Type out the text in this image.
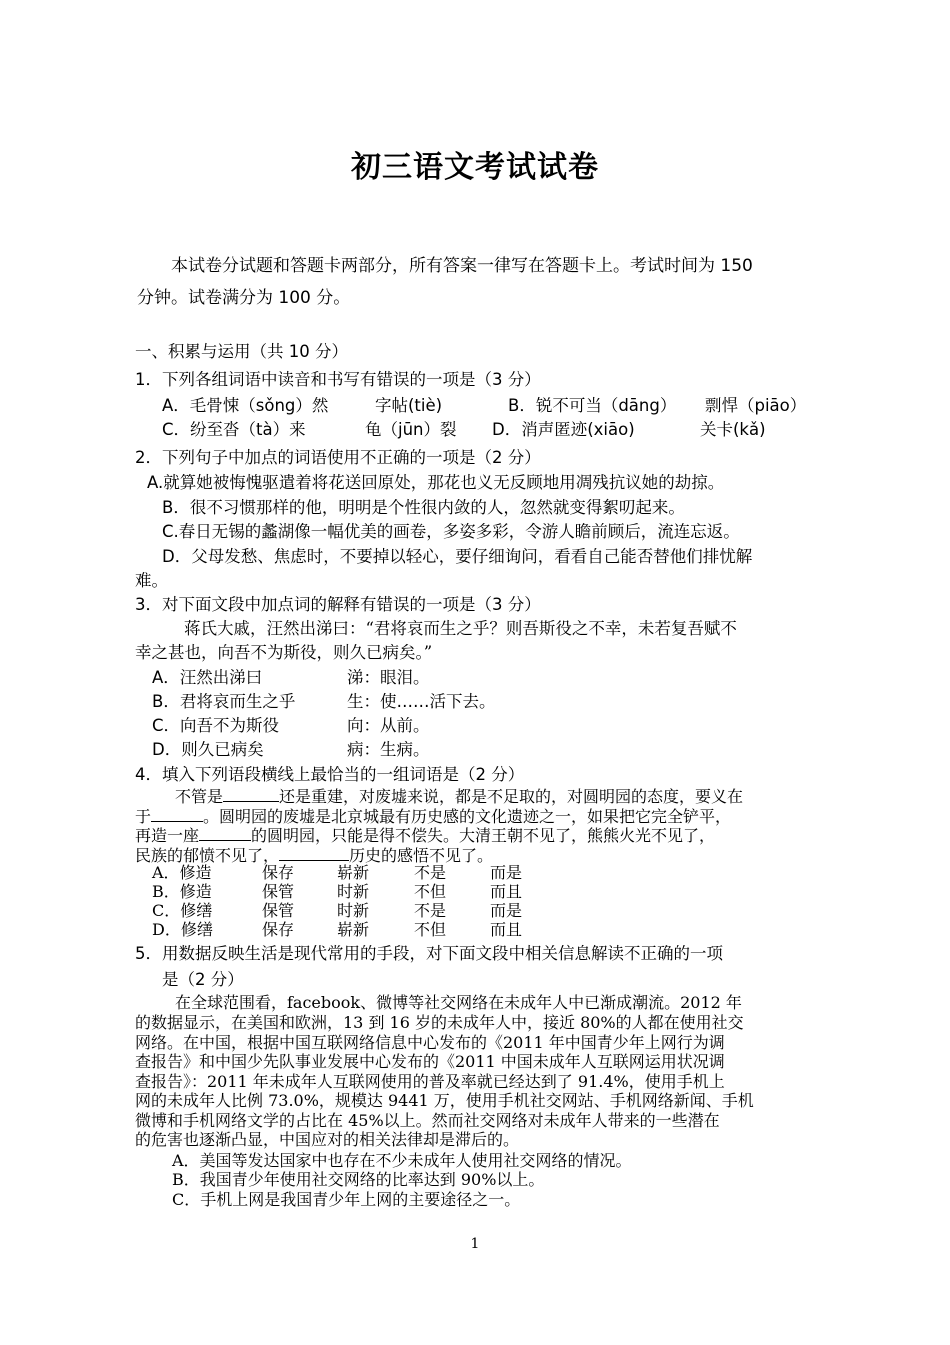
初三语文考试试卷
本试卷分试题和答题卡两部分，所有答案一律写在答题卡上。考试时间为 150
分钟。试卷满分为 100 分。
一、积累与运用（共 10 分）
1．下列各组词语中读音和书写有错误的一项是（3 分）
A．毛骨悚（sǒng）然	字帖(tiè)	B．锐不可当（dāng） 剽悍（piāo）
C．纷至沓（tà）来	龟（jūn）裂 D．消声匿迹(xiāo)	关卡(kǎ)
2．下列句子中加点的词语使用不正确的一项是（2 分）
A.就算她被悔愧驱遣着将花送回原处，那花也义无反顾地用凋残抗议她的劫掠。
B．很不习惯那样的他，明明是个性很内敛的人，忽然就变得絮叨起来。
C.春日无锡的蠡湖像一幅优美的画卷，多姿多彩，令游人瞻前顾后，流连忘返。
D．父母发愁、焦虑时，不要掉以轻心，要仔细询问，看看自己能否替他们排忧解
难。
3．对下面文段中加点词的解释有错误的一项是（3 分）
蒋氏大戚，汪然出涕曰：“君将哀而生之乎？则吾斯役之不幸，未若复吾赋不
幸之甚也，向吾不为斯役，则久已病矣。”
A．汪然出涕曰	涕：眼泪。
B．君将哀而生之乎	生：使……活下去。
C．向吾不为斯役	向：从前。
D．则久已病矣	病：生病。
4．填入下列语段横线上最恰当的一组词语是（2 分）
不管是	还是重建，对废墟来说，都是不足取的，对圆明园的态度，要义在
于	。圆明园的废墟是北京城最有历史感的文化遗迹之一，如果把它完全铲平，
再造一座	的圆明园，只能是得不偿失。大清王朝不见了，熊熊火光不见了，
民族的郁愤不见了，	历史的感悟不见了。
A．修造	保存	崭新	不是	而是
B．修造	保管	时新	不但	而且
C．修缮	保管	时新	不是	而是
D．修缮	保存	崭新	不但	而且
5．用数据反映生活是现代常用的手段，对下面文段中相关信息解读不正确的一项
是（2 分）
在全球范围看，facebook、微博等社交网络在未成年人中已渐成潮流。2012 年
的数据显示，在美国和欧洲，13 到 16 岁的未成年人中，接近 80%的人都在使用社交
网络。在中国，根据中国互联网络信息中心发布的《2011 年中国青少年上网行为调
查报告》和中国少先队事业发展中心发布的《2011 中国未成年人互联网运用状况调
查报告》：2011 年未成年人互联网使用的普及率就已经达到了 91.4%，使用手机上
网的未成年人比例 73.0%，规模达 9441 万，使用手机社交网站、手机网络新闻、手机
微博和手机网络文学的占比在 45%以上。然而社交网络对未成年人带来的一些潜在
的危害也逐渐凸显，中国应对的相关法律却是滞后的。
A．美国等发达国家中也存在不少未成年人使用社交网络的情况。
B．我国青少年使用社交网络的比率达到 90%以上。
C．手机上网是我国青少年上网的主要途径之一。
1
